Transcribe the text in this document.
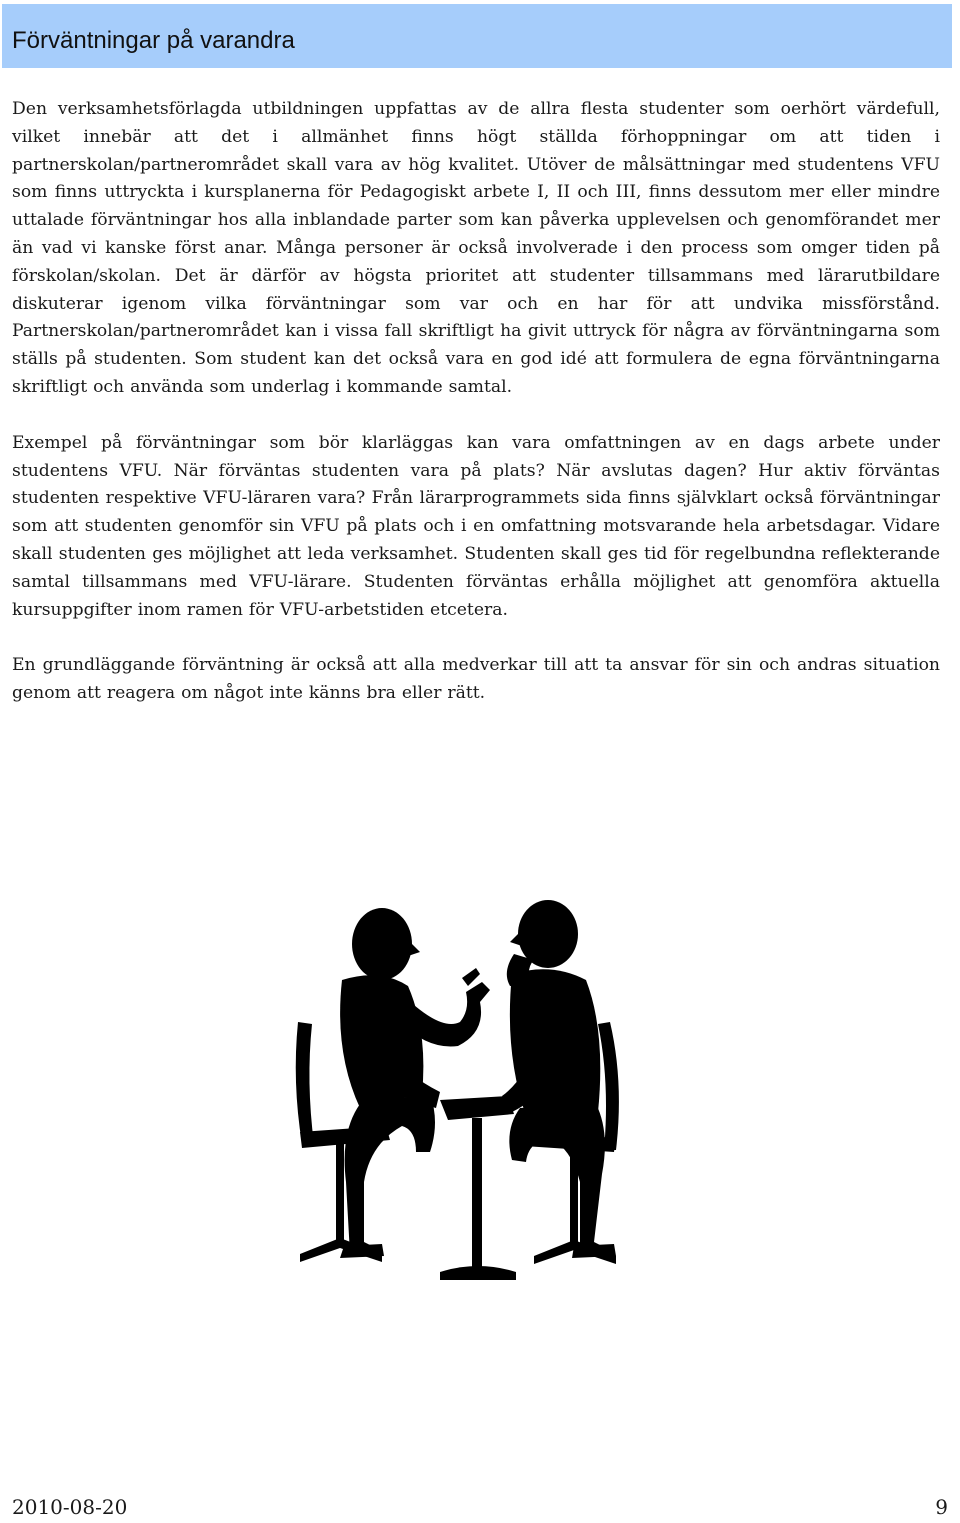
Förväntningar på varandra

Den verksamhetsförlagda utbildningen uppfattas av de allra flesta studenter som oerhört värdefull, vilket innebär att det i allmänhet finns högt ställda förhoppningar om att tiden i partnerskolan/partnerområdet skall vara av hög kvalitet. Utöver de målsättningar med studentens VFU som finns uttryckta i kursplanerna för Pedagogiskt arbete I, II och III, finns dessutom mer eller mindre uttalade förväntningar hos alla inblandade parter som kan påverka upplevelsen och genomförandet mer än vad vi kanske först anar. Många personer är också involverade i den process som omger tiden på förskolan/skolan. Det är därför av högsta prioritet att studenter tillsammans med lärarutbildare diskuterar igenom vilka förväntningar som var och en har för att undvika missförstånd. Partnerskolan/partnerområdet kan i vissa fall skriftligt ha givit uttryck för några av förväntningarna som ställs på studenten. Som student kan det också vara en god idé att formulera de egna förväntningarna skriftligt och använda som underlag i kommande samtal.

Exempel på förväntningar som bör klarläggas kan vara omfattningen av en dags arbete under studentens VFU. När förväntas studenten vara på plats? När avslutas dagen? Hur aktiv förväntas studenten respektive VFU-läraren vara? Från lärarprogrammets sida finns självklart också förväntningar som att studenten genomför sin VFU på plats och i en omfattning motsvarande hela arbetsdagar. Vidare skall studenten ges möjlighet att leda verksamhet. Studenten skall ges tid för regelbundna reflekterande samtal tillsammans med VFU-lärare. Studenten förväntas erhålla möjlighet att genomföra aktuella kursuppgifter inom ramen för VFU-arbetstiden etcetera.

En grundläggande förväntning är också att alla medverkar till att ta ansvar för sin och andras situation genom att reagera om något inte känns bra eller rätt.

2010-08-20	9
